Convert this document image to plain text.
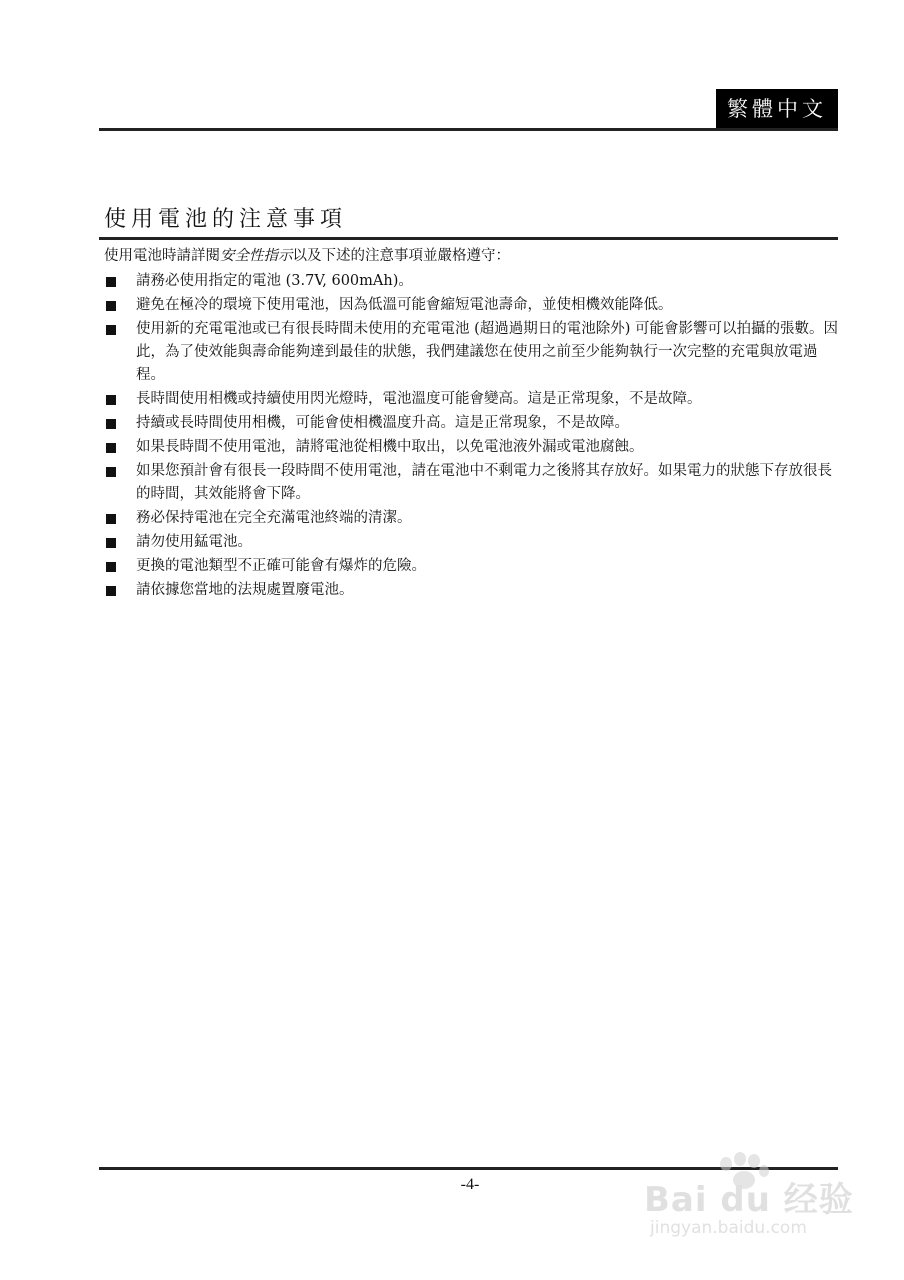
繁體中文
使用電池的注意事項

使用電池時請詳閱安全性指示以及下述的注意事項並嚴格遵守：

請務必使用指定的電池 (3.7V, 600mAh)。
避免在極冷的環境下使用電池，因為低溫可能會縮短電池壽命，並使相機效能降低。
使用新的充電電池或已有很長時間未使用的充電電池 (超過過期日的電池除外) 可能會影響可以拍攝的張數。因此，為了使效能與壽命能夠達到最佳的狀態，我們建議您在使用之前至少能夠執行一次完整的充電與放電過程。
長時間使用相機或持續使用閃光燈時，電池溫度可能會變高。這是正常現象，不是故障。
持續或長時間使用相機，可能會使相機溫度升高。這是正常現象，不是故障。
如果長時間不使用電池，請將電池從相機中取出，以免電池液外漏或電池腐蝕。
如果您預計會有很長一段時間不使用電池，請在電池中不剩電力之後將其存放好。如果電力的狀態下存放很長的時間，其效能將會下降。
務必保持電池在完全充滿電池終端的清潔。
請勿使用錳電池。
更換的電池類型不正確可能會有爆炸的危險。
請依據您當地的法規處置廢電池。
-4-	Bai du 经验
jingyan.baidu.com
